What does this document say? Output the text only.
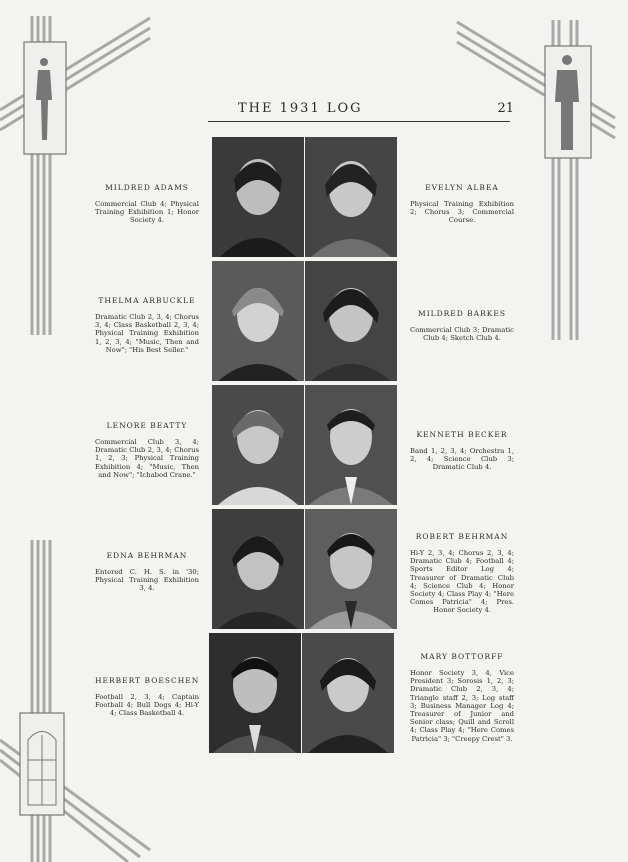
THE 1931 LOG	21
MILDRED ADAMS
Commercial Club 4; Physical Training Exhibition 1; Honor Society 4.
EVELYN ALBEA
Physical Training Exhibition 2; Chorus 3; Commercial Course.
THELMA ARBUCKLE
Dramatic Club 2, 3, 4; Chorus 3, 4; Class Basketball 2, 3, 4; Physical Training Exhibition 1, 2, 3, 4; "Music, Then and Now"; "His Best Seller."
MILDRED BARKES
Commercial Club 3; Dramatic Club 4; Sketch Club 4.
LENORE BEATTY
Commercial Club 3, 4; Dramatic Club 2, 3, 4; Chorus 1, 2, 3; Physical Training Exhibition 4; "Music, Then and Now"; "Ichabod Crane."
KENNETH BECKER
Band 1, 2, 3, 4; Orchestra 1, 2, 4; Science Club 3; Dramatic Club 4.
EDNA BEHRMAN
Entered C. H. S. in '30; Physical Training Exhibition 3, 4.
ROBERT BEHRMAN
Hi-Y 2, 3, 4; Chorus 2, 3, 4; Dramatic Club 4; Football 4; Sports Editor Log 4; Treasurer of Dramatic Club 4; Science Club 4; Honor Society 4; Class Play 4; "Here Comes Patricia" 4; Pres. Honor Society 4.
HERBERT BOESCHEN
Football 2, 3, 4; Captain Football 4; Bull Dogs 4; Hi-Y 4; Class Basketball 4.
MARY BOTTORFF
Honor Society 3, 4, Vice President 3; Sorosis 1, 2, 3; Dramatic Club 2, 3, 4; Triangle staff 2, 3; Log staff 3; Business Manager Log 4; Treasurer of Junior and Senior class; Quill and Scroll 4; Class Play 4; "Here Comes Patricia" 3; "Creepy Crest" 3.
